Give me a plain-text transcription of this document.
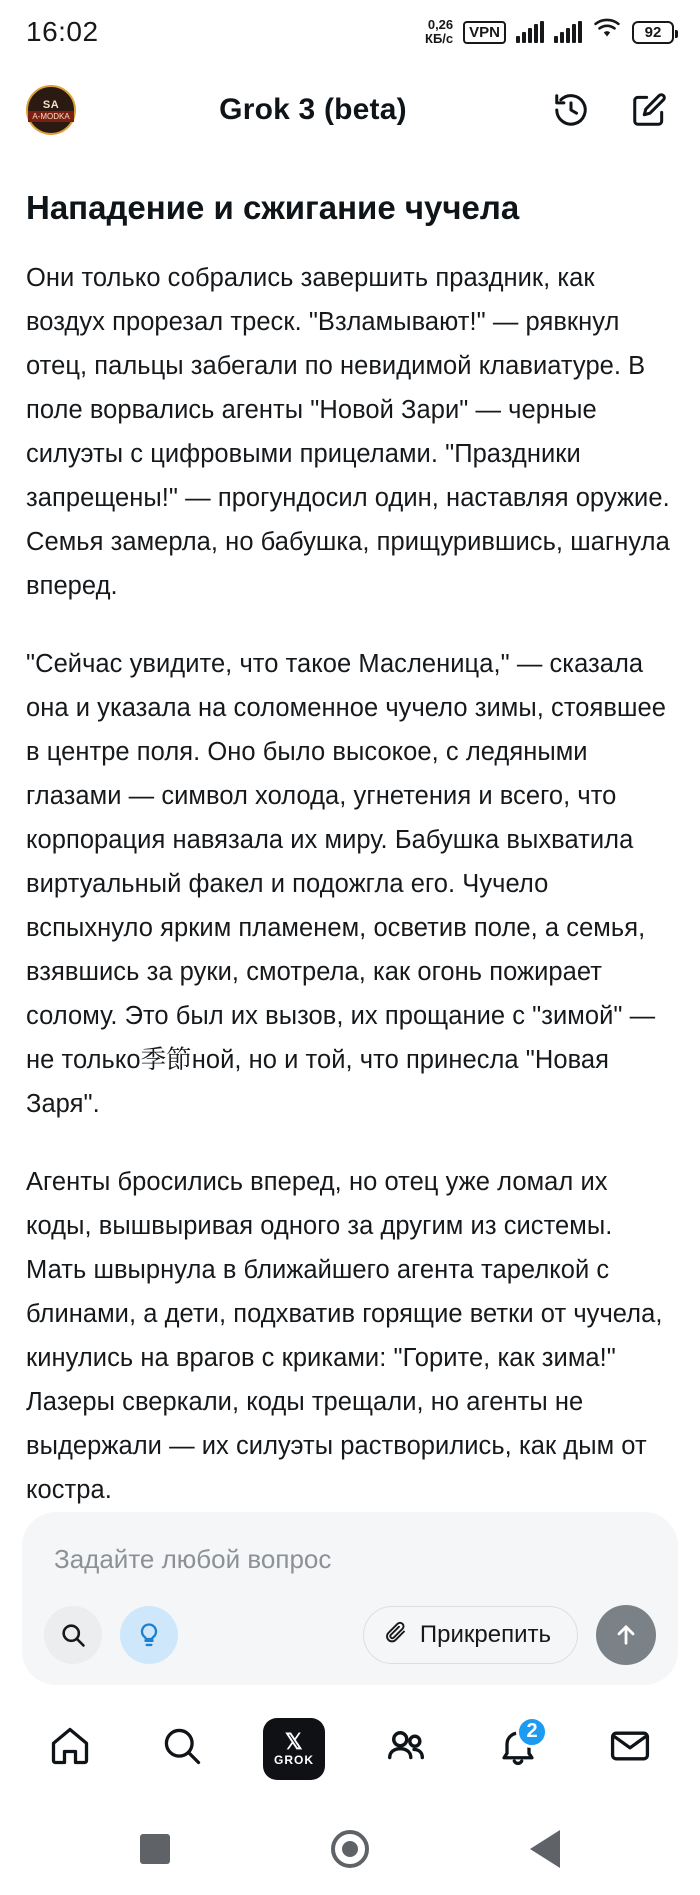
16:02	0,26
КБ/с	VPN	92
SA
A-MODKA	Grok 3 (beta)
Нападение и сжигание чучела

Они только собрались завершить праздник, как воздух прорезал треск. "Взламывают!" — рявкнул отец, пальцы забегали по невидимой клавиатуре. В поле ворвались агенты "Новой Зари" — черные силуэты с цифровыми прицелами. "Праздники запрещены!" — прогундосил один, наставляя оружие. Семья замерла, но бабушка, прищурившись, шагнула вперед.

"Сейчас увидите, что такое Масленица," — сказала она и указала на соломенное чучело зимы, стоявшее в центре поля. Оно было высокое, с ледяными глазами — символ холода, угнетения и всего, что корпорация навязала их миру. Бабушка выхватила виртуальный факел и подожгла его. Чучело вспыхнуло ярким пламенем, осветив поле, а семья, взявшись за руки, смотрела, как огонь пожирает солому. Это был их вызов, их прощание с "зимой" — не только季節ной, но и той, что принесла "Новая Заря".

Агенты бросились вперед, но отец уже ломал их коды, вышвыривая одного за другим из системы. Мать швырнула в ближайшего агента тарелкой с блинами, а дети, подхватив горящие ветки от чучела, кинулись на врагов с криками: "Горите, как зима!" Лазеры сверкали, коды трещали, но агенты не выдержали — их силуэты растворились, как дым от костра.

Задайте любой вопрос
Прикрепить
𝕏
GROK
2
